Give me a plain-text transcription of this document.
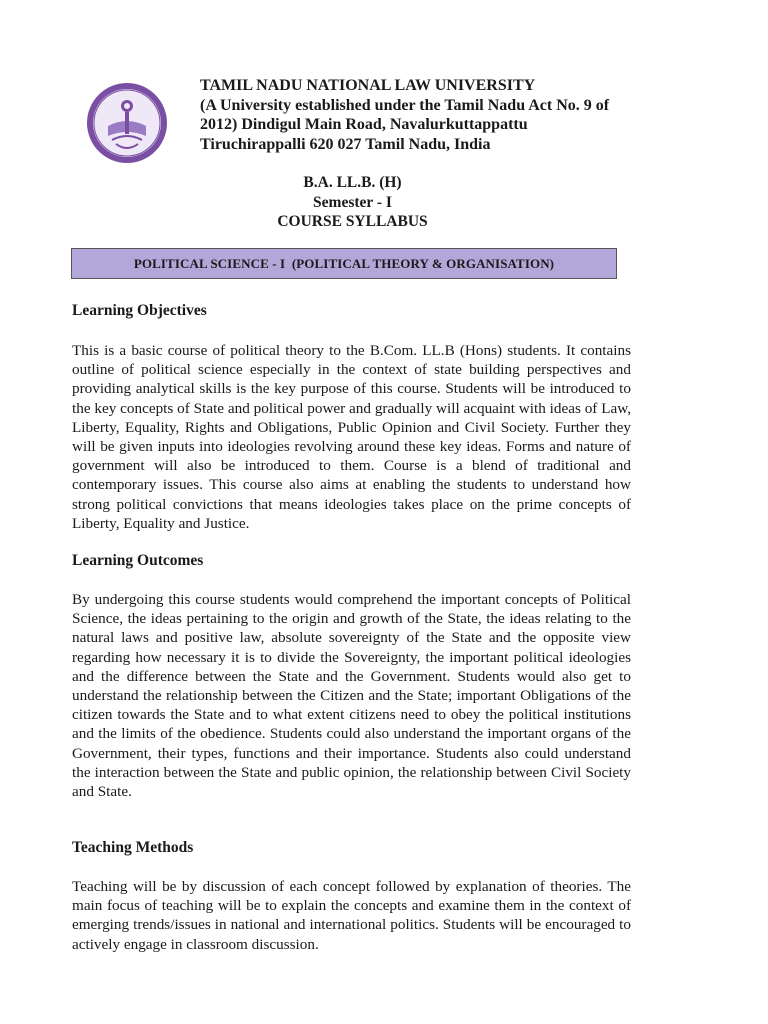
TAMIL NADU NATIONAL LAW UNIVERSITY
(A University established under the Tamil Nadu Act No. 9 of
2012) Dindigul Main Road, Navalurkuttappattu
Tiruchirappalli 620 027 Tamil Nadu, India
B.A. LL.B. (H)
Semester - I
COURSE SYLLABUS
POLITICAL SCIENCE - I  (POLITICAL THEORY & ORGANISATION)
Learning Objectives
This is a basic course of political theory to the B.Com. LL.B (Hons) students. It contains outline of political science especially in the context of state building perspectives and providing analytical skills is the key purpose of this course. Students will be introduced to the key concepts of State and political power and gradually will acquaint with ideas of Law, Liberty, Equality, Rights and Obligations, Public Opinion and Civil Society. Further they will be given inputs into ideologies revolving around these key ideas. Forms and nature of government will also be introduced to them. Course is a blend of traditional and contemporary issues. This course also aims at enabling the students to understand how strong political convictions that means ideologies takes place on the prime concepts of Liberty, Equality and Justice.
Learning Outcomes
By undergoing this course students would comprehend the important concepts of Political Science, the ideas pertaining to the origin and growth of the State, the ideas relating to the natural laws and positive law, absolute sovereignty of the State and the opposite view regarding how necessary it is to divide the Sovereignty, the important political ideologies and the difference between the State and the Government. Students would also get to understand the relationship between the Citizen and the State; important Obligations of the citizen towards the State and to what extent citizens need to obey the political institutions and the limits of the obedience. Students could also understand the important organs of the Government, their types, functions and their importance. Students also could understand the interaction between the State and public opinion, the relationship between Civil Society and State.
Teaching Methods
Teaching will be by discussion of each concept followed by explanation of theories. The main focus of teaching will be to explain the concepts and examine them in the context of emerging trends/issues in national and international politics. Students will be encouraged to actively engage in classroom discussion.
